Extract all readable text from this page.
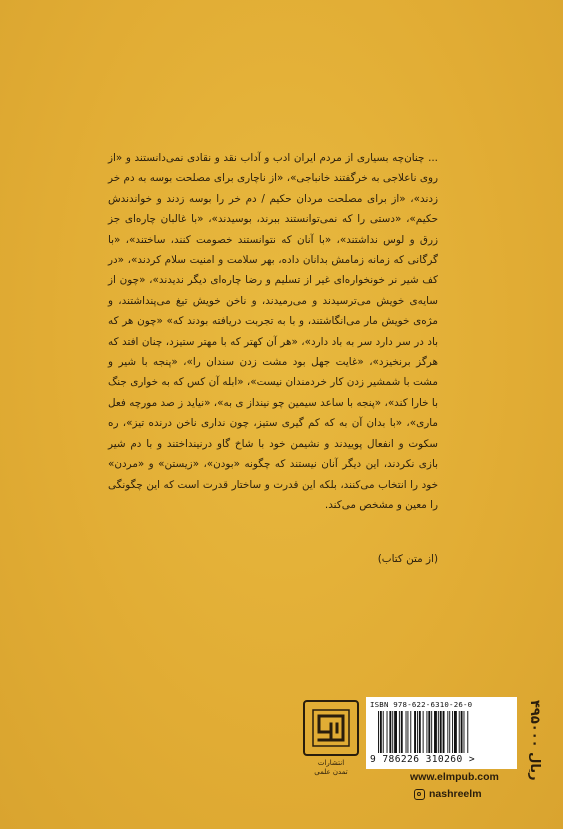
... چنان‌چه بسیاری از مردم ایران ادب و آداب نقد و نقادی نمی‌دانستند و «از روی ناعلاجی به خرگفتند خانباجی»، «از ناچاری برای مصلحت بوسه به دم خر زدند»، «از برای مصلحت مردان حکیم / دم خر را بوسه زدند و خواندندش حکیم»، «دستی را که نمی‌توانستند ببرند، بوسیدند»، «با غالبان چاره‌ای جز زرق و لوس نداشتند»، «با آنان که نتوانستند خصومت کنند، ساختند»، «با گرگانی که زمانه زمامش بدانان داده، بهر سلامت و امنیت سلام کردند»، «در کف شیر نر خونخواره‌ای غیر از تسلیم و رضا چاره‌ای دیگر ندیدند»، «چون از سایه‌ی خویش می‌ترسیدند و می‌رمیدند، و ناخن خویش تیغ می‌پنداشتند، و مژه‌ی خویش مار می‌انگاشتند، و با به تجربت دریافته بودند که» «چون هر که باد در سر دارد سر به باد دارد»، «هر آن کهتر که با مهتر ستیزد، چنان افتد که هرگز برنخیزد»، «غایت جهل بود مشت زدن سندان را»، «پنجه با شیر و مشت با شمشیر زدن کار خردمندان نیست»، «ابله آن کس که به خواری جنگ با خارا کند»، «پنجه با ساعد سیمین چو نینداز ی به»، «نیاید ز صد مورچه فعل ماری»، «با بدان آن به که کم گیری ستیز، چون نداری ناخن درنده تیز»، ره سکوت و انفعال پوییدند و نشیمن خود با شاخ گاو درنینداختند و با دم شیر بازی نکردند، این دیگر آنان نیستند که چگونه «بودن»، «زیستن» و «مردن» خود را انتخاب می‌کنند، بلکه این قدرت و ساختار قدرت است که این چگونگی را معین و مشخص می‌کند.

(از متن کتاب)
انتشارات
تمدن علمی
ISBN 978-622-6310-26-0
9 786226 310260 >
۴۹۵۰۰۰ ریال
www.elmpub.com
nashreelm
